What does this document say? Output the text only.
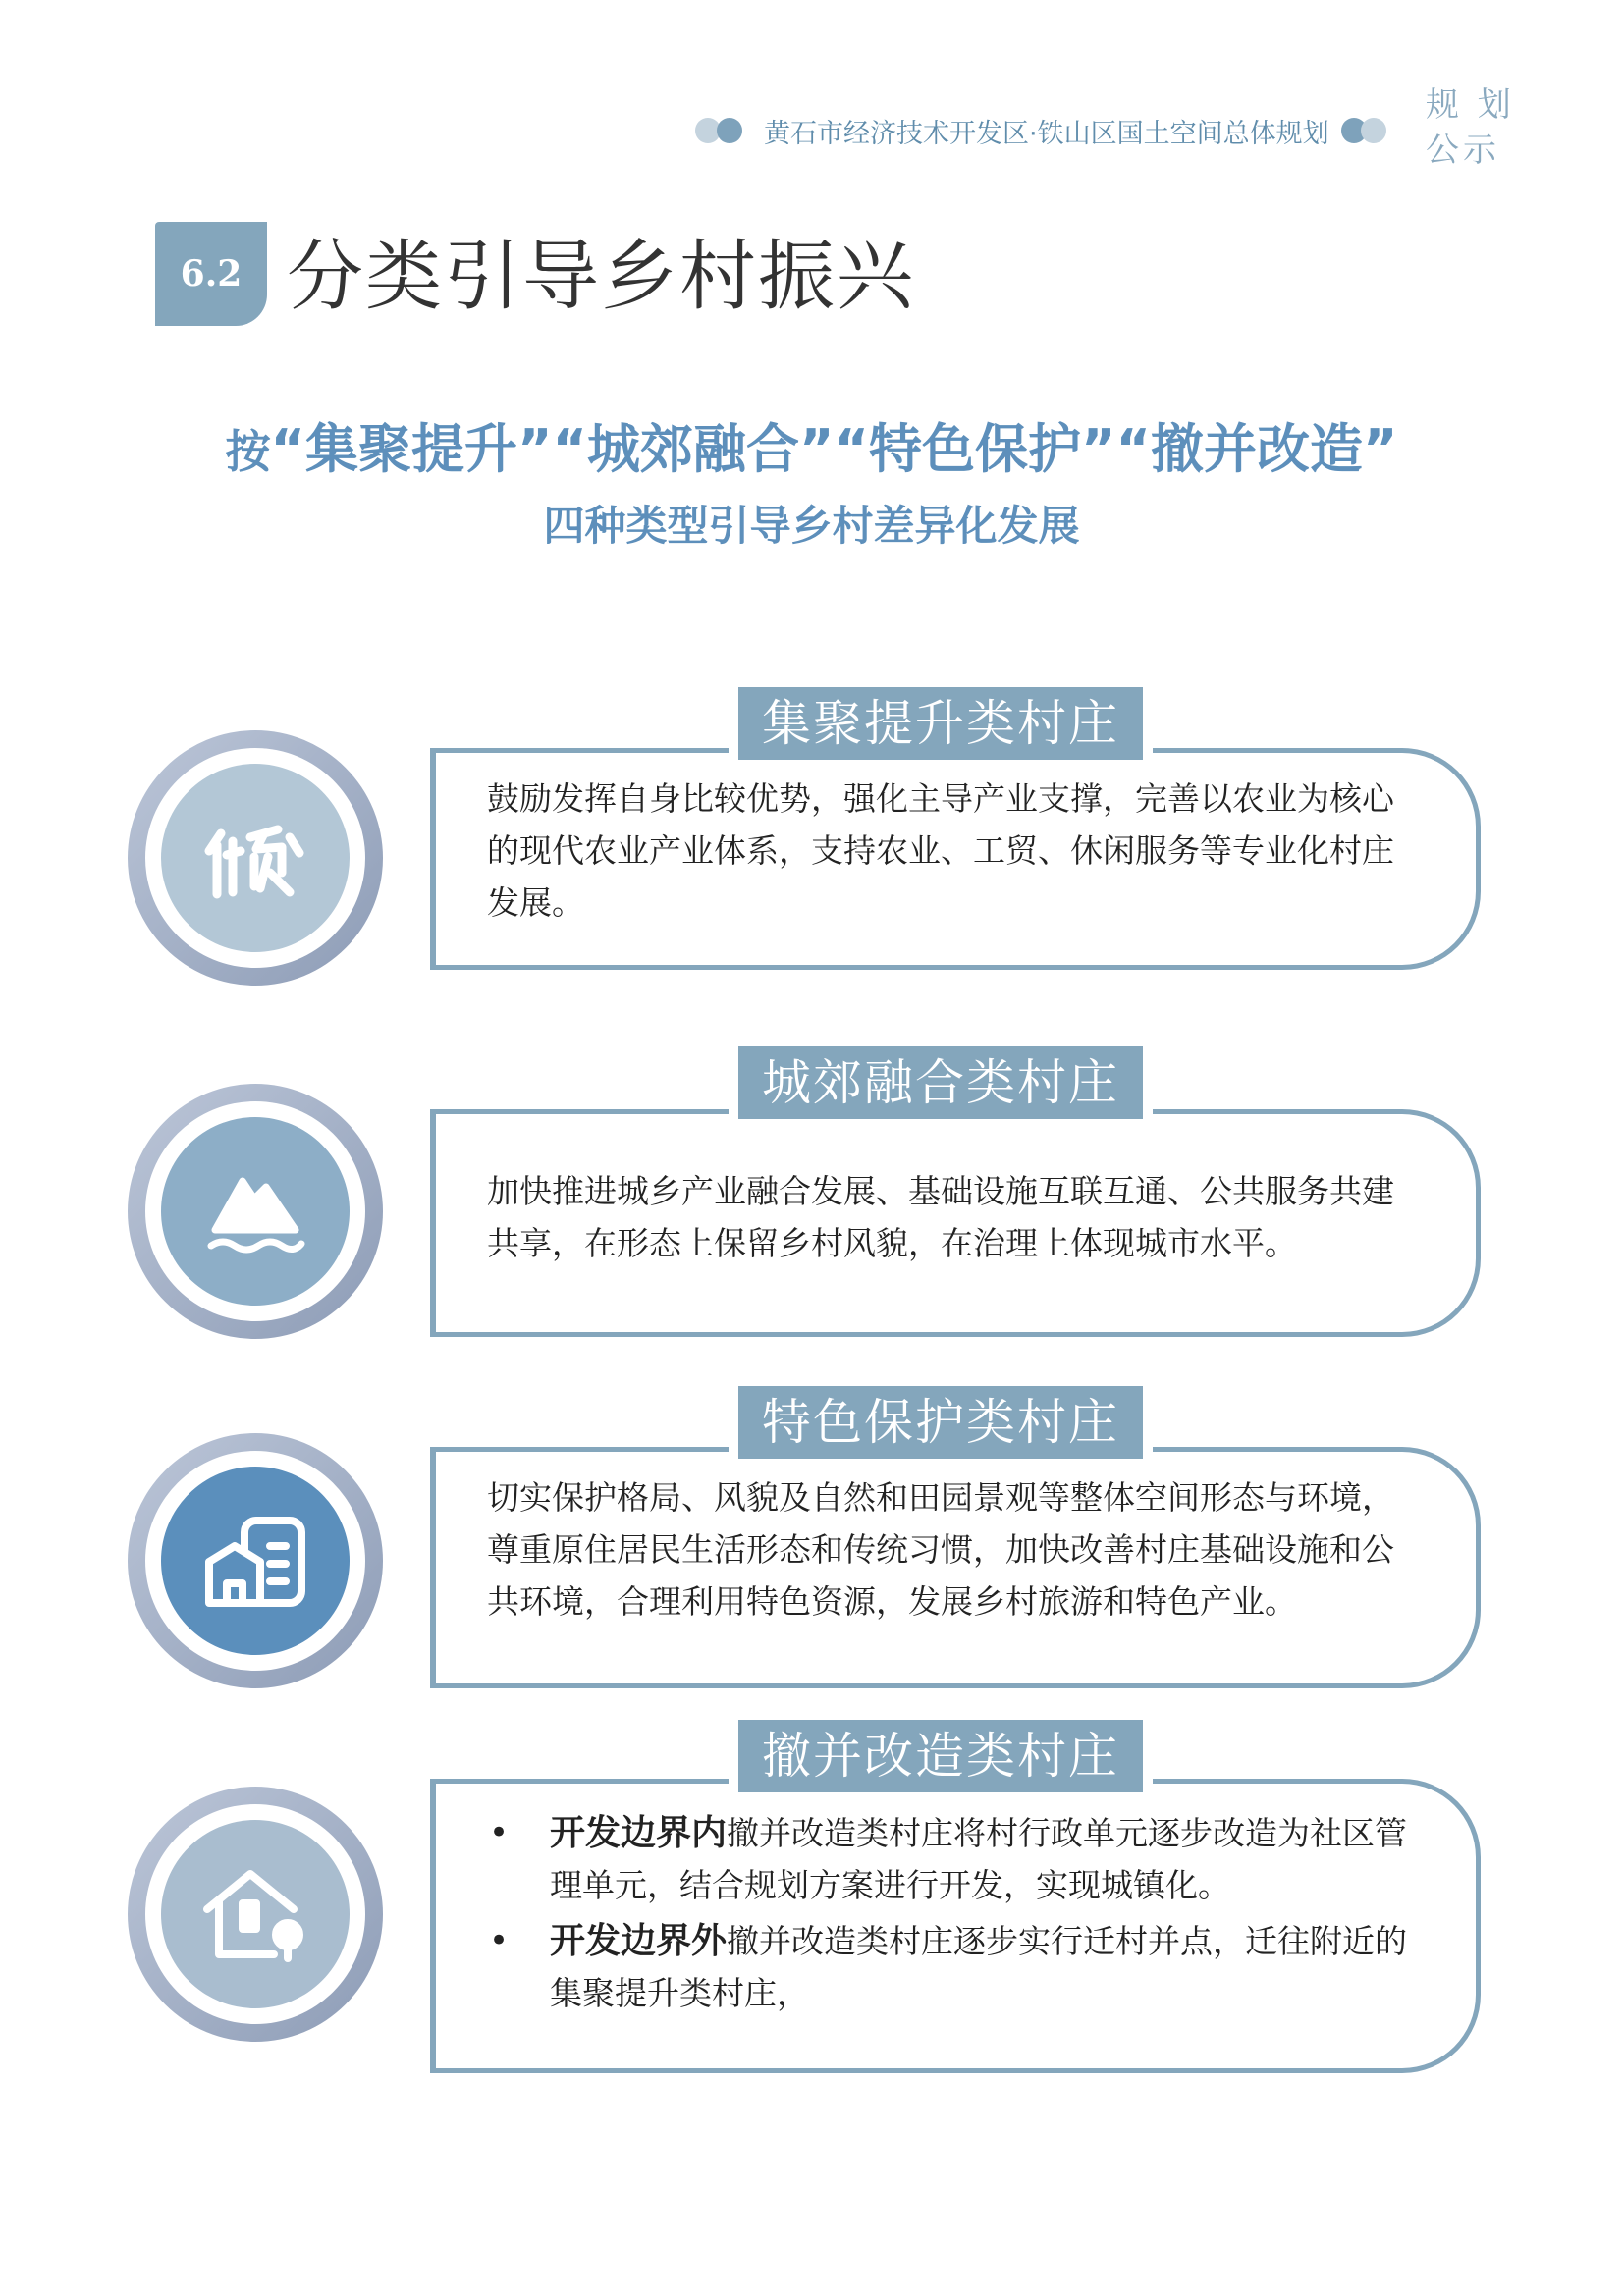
黄石市经济技术开发区·铁山区国土空间总体规划
规 划
公示
6.2 分类引导乡村振兴
按“集聚提升”“城郊融合”“特色保护”“撤并改造”
四种类型引导乡村差异化发展
鼓励发挥自身比较优势，强化主导产业支撑，完善以农业为核心的现代农业产业体系，支持农业、工贸、休闲服务等专业化村庄发展。
集聚提升类村庄
加快推进城乡产业融合发展、基础设施互联互通、公共服务共建共享，在形态上保留乡村风貌，在治理上体现城市水平。
城郊融合类村庄
切实保护格局、风貌及自然和田园景观等整体空间形态与环境，尊重原住居民生活形态和传统习惯，加快改善村庄基础设施和公共环境，合理利用特色资源，发展乡村旅游和特色产业。
特色保护类村庄
• 开发边界内撤并改造类村庄将村行政单元逐步改造为社区管理单元，结合规划方案进行开发，实现城镇化。
• 开发边界外撤并改造类村庄逐步实行迁村并点，迁往附近的集聚提升类村庄，
撤并改造类村庄
